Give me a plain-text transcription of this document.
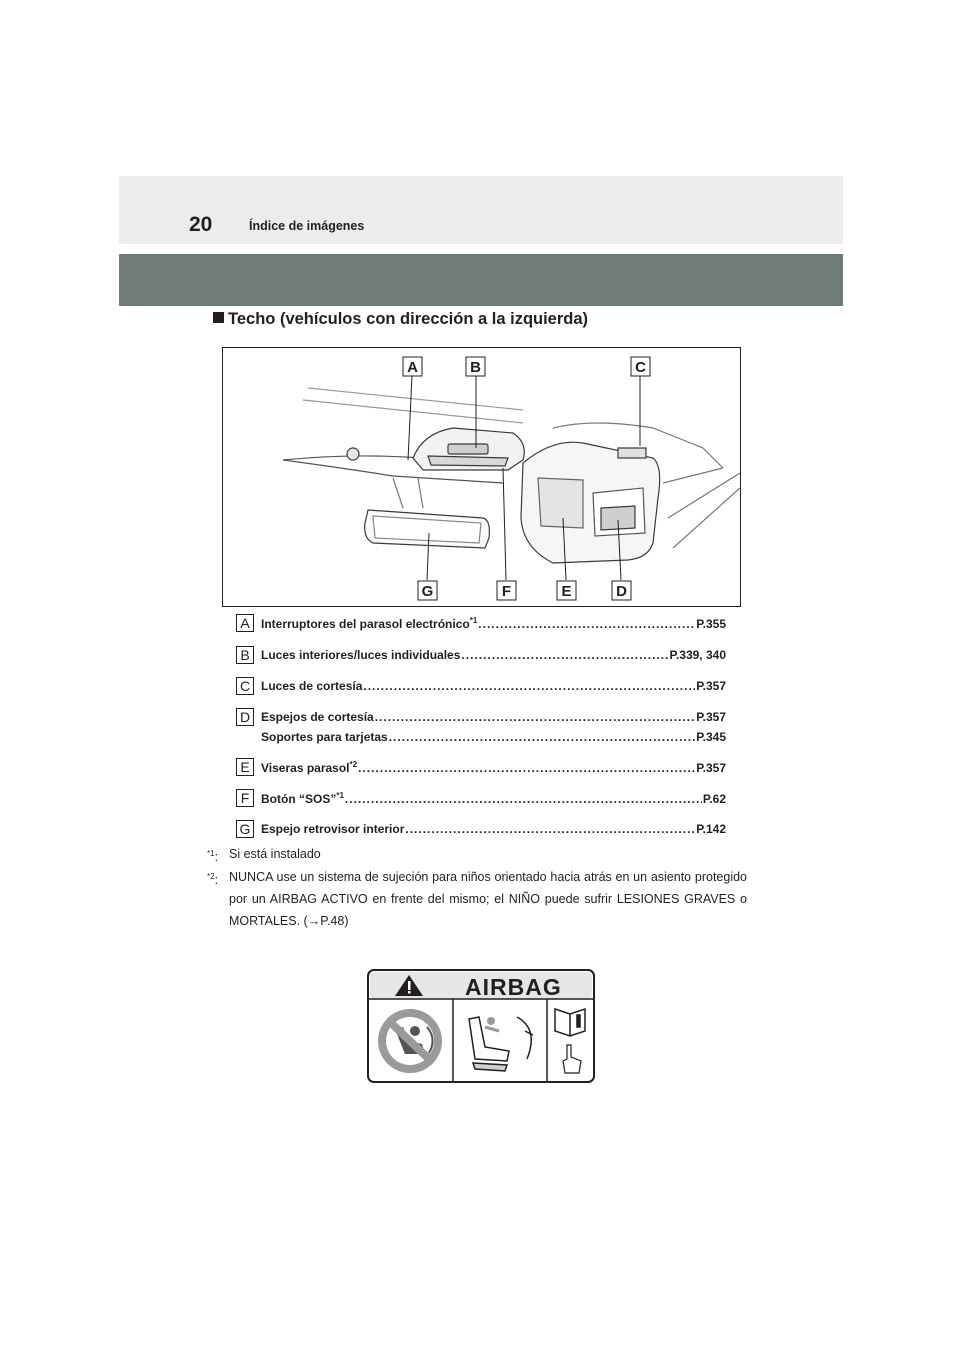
20	Índice de imágenes
Techo (vehículos con dirección a la izquierda)
A	B	C
G	F	E	D
A Interruptores del parasol electrónico$^{*1}$ .....	P.355
B Luces interiores/luces individuales .....	P.339, 340
C Luces de cortesía .....	P.357
D Espejos de cortesía .....	P.357
Soportes para tarjetas .....	P.345
E Viseras parasol$^{*2}$ .....	P.357
F Botón “SOS”$^{*1}$ .....	P.62
G Espejo retrovisor interior .....	P.142
$^{*1}$: Si está instalado
$^{*2}$: NUNCA use un sistema de sujeción para niños orientado hacia atrás en un asiento protegido por un AIRBAG ACTIVO en frente del mismo; el NIÑO puede sufrir LESIONES GRAVES o MORTALES. (→P.48)
AIRBAG
